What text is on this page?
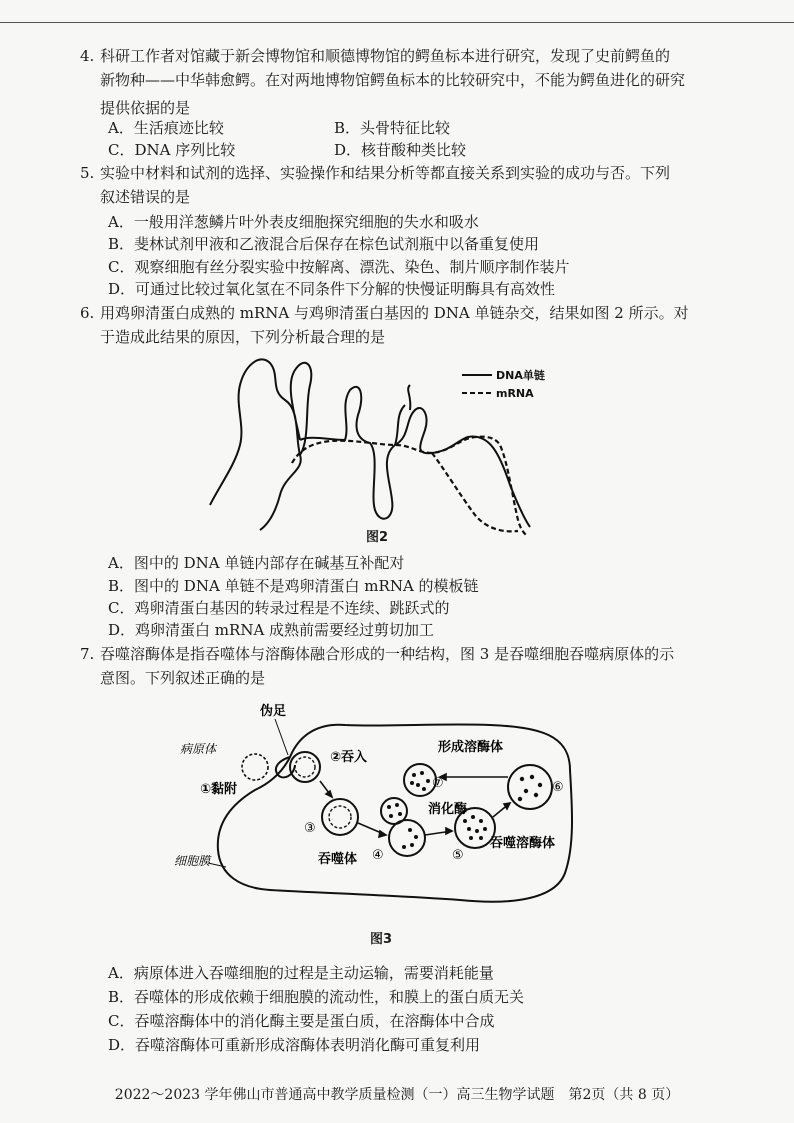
4. 科研工作者对馆藏于新会博物馆和顺德博物馆的鳄鱼标本进行研究，发现了史前鳄鱼的
新物种——中华韩愈鳄。在对两地博物馆鳄鱼标本的比较研究中，不能为鳄鱼进化的研究
提供依据的是
A．生活痕迹比较	B．头骨特征比较
C．DNA 序列比较	D．核苷酸种类比较
5. 实验中材料和试剂的选择、实验操作和结果分析等都直接关系到实验的成功与否。下列
叙述错误的是
A．一般用洋葱鳞片叶外表皮细胞探究细胞的失水和吸水
B．斐林试剂甲液和乙液混合后保存在棕色试剂瓶中以备重复使用
C．观察细胞有丝分裂实验中按解离、漂洗、染色、制片顺序制作装片
D．可通过比较过氧化氢在不同条件下分解的快慢证明酶具有高效性
6. 用鸡卵清蛋白成熟的 mRNA 与鸡卵清蛋白基因的 DNA 单链杂交，结果如图 2 所示。对
于造成此结果的原因，下列分析最合理的是
DNA单链
mRNA
图2
A．图中的 DNA 单链内部存在碱基互补配对
B．图中的 DNA 单链不是鸡卵清蛋白 mRNA 的模板链
C．鸡卵清蛋白基因的转录过程是不连续、跳跃式的
D．鸡卵清蛋白 mRNA 成熟前需要经过剪切加工
7. 吞噬溶酶体是指吞噬体与溶酶体融合形成的一种结构，图 3 是吞噬细胞吞噬病原体的示
意图。下列叙述正确的是
伪足
病原体
①黏附
②吞入
形成溶酶体
消化酶
吞噬体
吞噬溶酶体
细胞膜
③
④	⑤
⑥
⑦
图3
A．病原体进入吞噬细胞的过程是主动运输，需要消耗能量
B．吞噬体的形成依赖于细胞膜的流动性，和膜上的蛋白质无关
C．吞噬溶酶体中的消化酶主要是蛋白质，在溶酶体中合成
D．吞噬溶酶体可重新形成溶酶体表明消化酶可重复利用
2022～2023 学年佛山市普通高中教学质量检测（一）高三生物学试题　第2页（共 8 页）
